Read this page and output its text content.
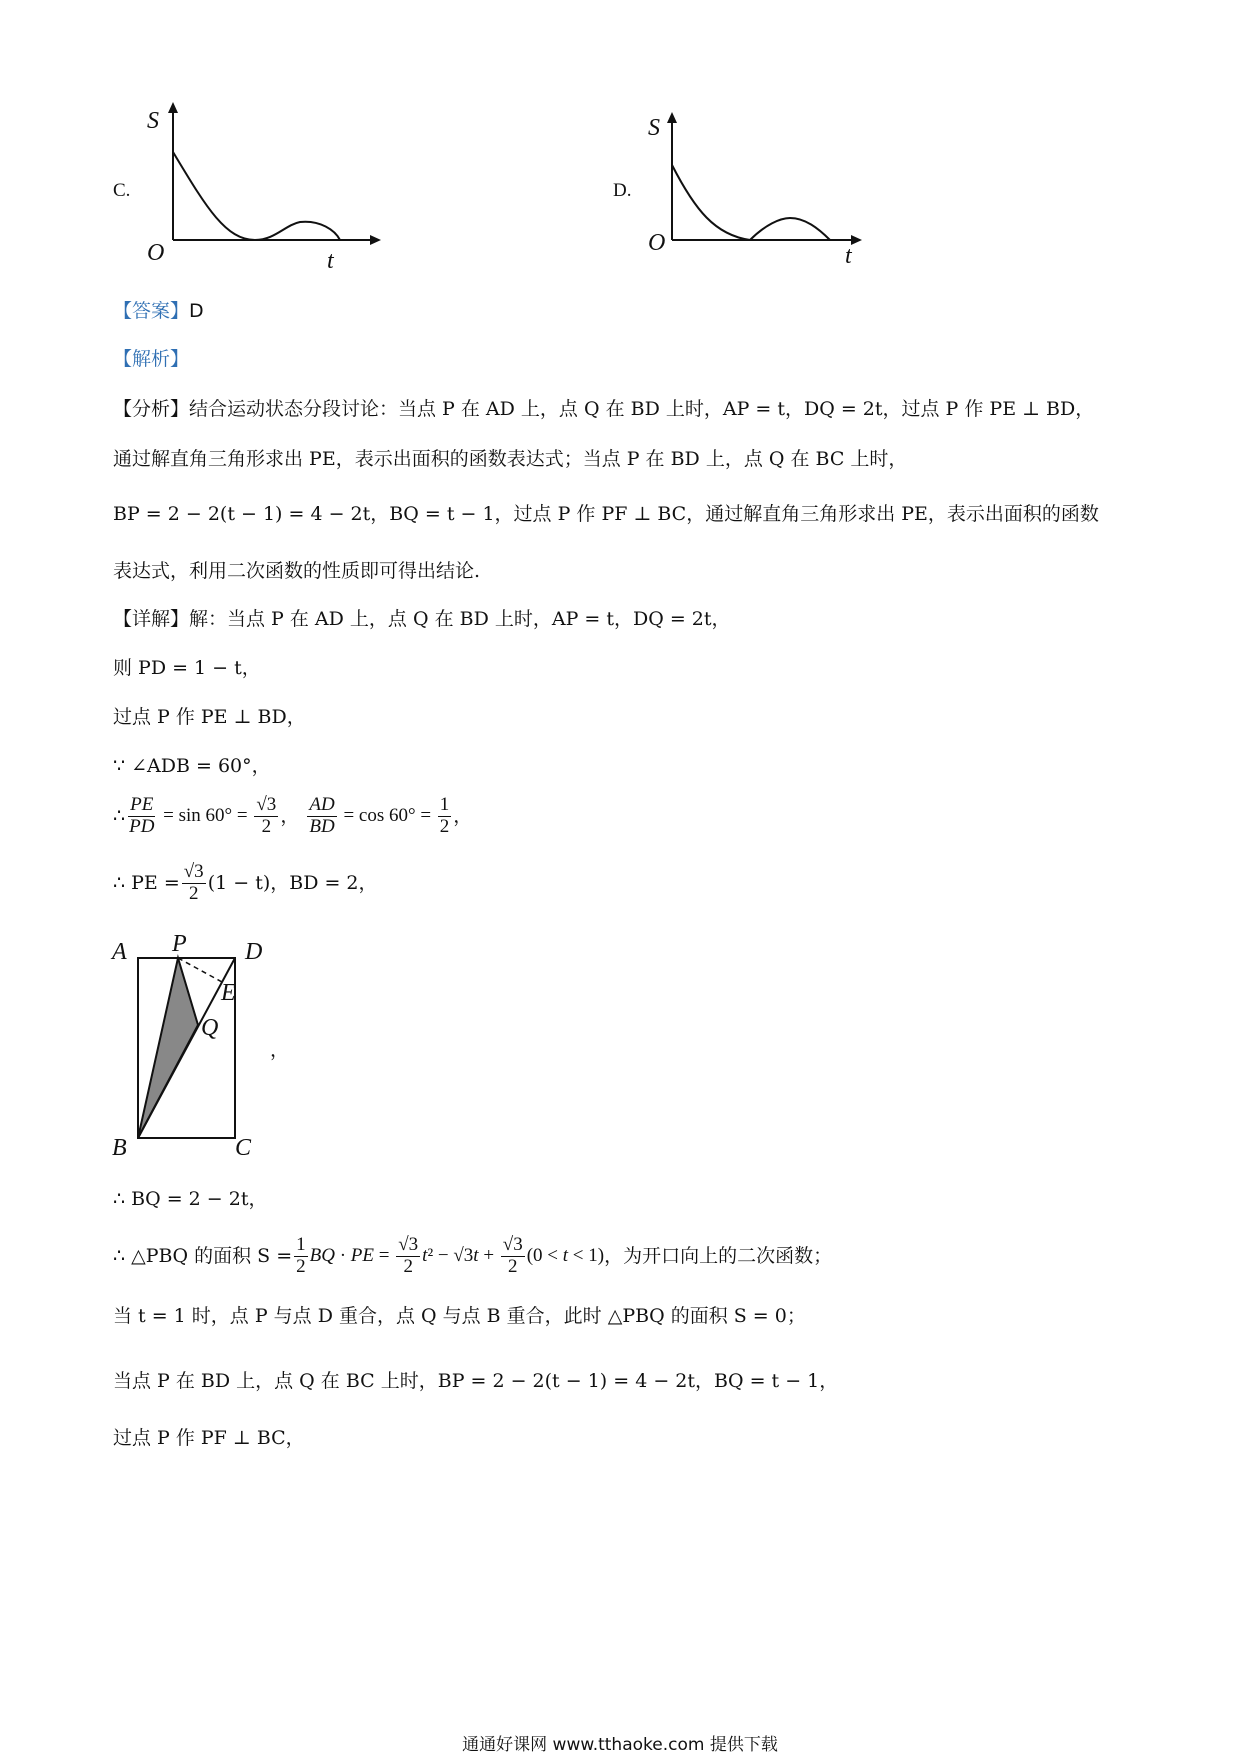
C.
S
O	t
D.
S
O	t
【答案】D
【解析】
【分析】结合运动状态分段讨论：当点 P 在 AD 上，点 Q 在 BD 上时，AP = t，DQ = 2t，过点 P 作 PE ⊥ BD，
通过解直角三角形求出 PE，表示出面积的函数表达式；当点 P 在 BD 上，点 Q 在 BC 上时，
BP = 2 − 2(t − 1) = 4 − 2t，BQ = t − 1，过点 P 作 PF ⊥ BC，通过解直角三角形求出 PE，表示出面积的函数
表达式，利用二次函数的性质即可得出结论.
【详解】解：当点 P 在 AD 上，点 Q 在 BD 上时，AP = t，DQ = 2t，
则 PD = 1 − t，
过点 P 作 PE ⊥ BD，
∵ ∠ADB = 60°，
∴ $\frac{PE}{PD} = \sin 60^\circ = \frac{√3}{2}$ ， $\frac{AD}{BD} = \cos 60^\circ = \frac{1}{2}$ ，
∴ PE = $\frac{√3}{2} (1 - t)$，BD = 2，
A P D
E
Q
B	C
，
∴ BQ = 2 − 2t，
∴ △PBQ 的面积 $S = \frac{1}{2}$ BQ · PE = $\frac{√3}{2} t^2 - √3t + \frac{√3}{2} (0 < t < 1)$ ，为开口向上的二次函数；
当 t = 1 时，点 P 与点 D 重合，点 Q 与点 B 重合，此时 △PBQ 的面积 S = 0；
当点 P 在 BD 上，点 Q 在 BC 上时，BP = 2 − 2(t − 1) = 4 − 2t，BQ = t − 1，
过点 P 作 PF ⊥ BC，
通通好课网 www.tthaoke.com 提供下载
